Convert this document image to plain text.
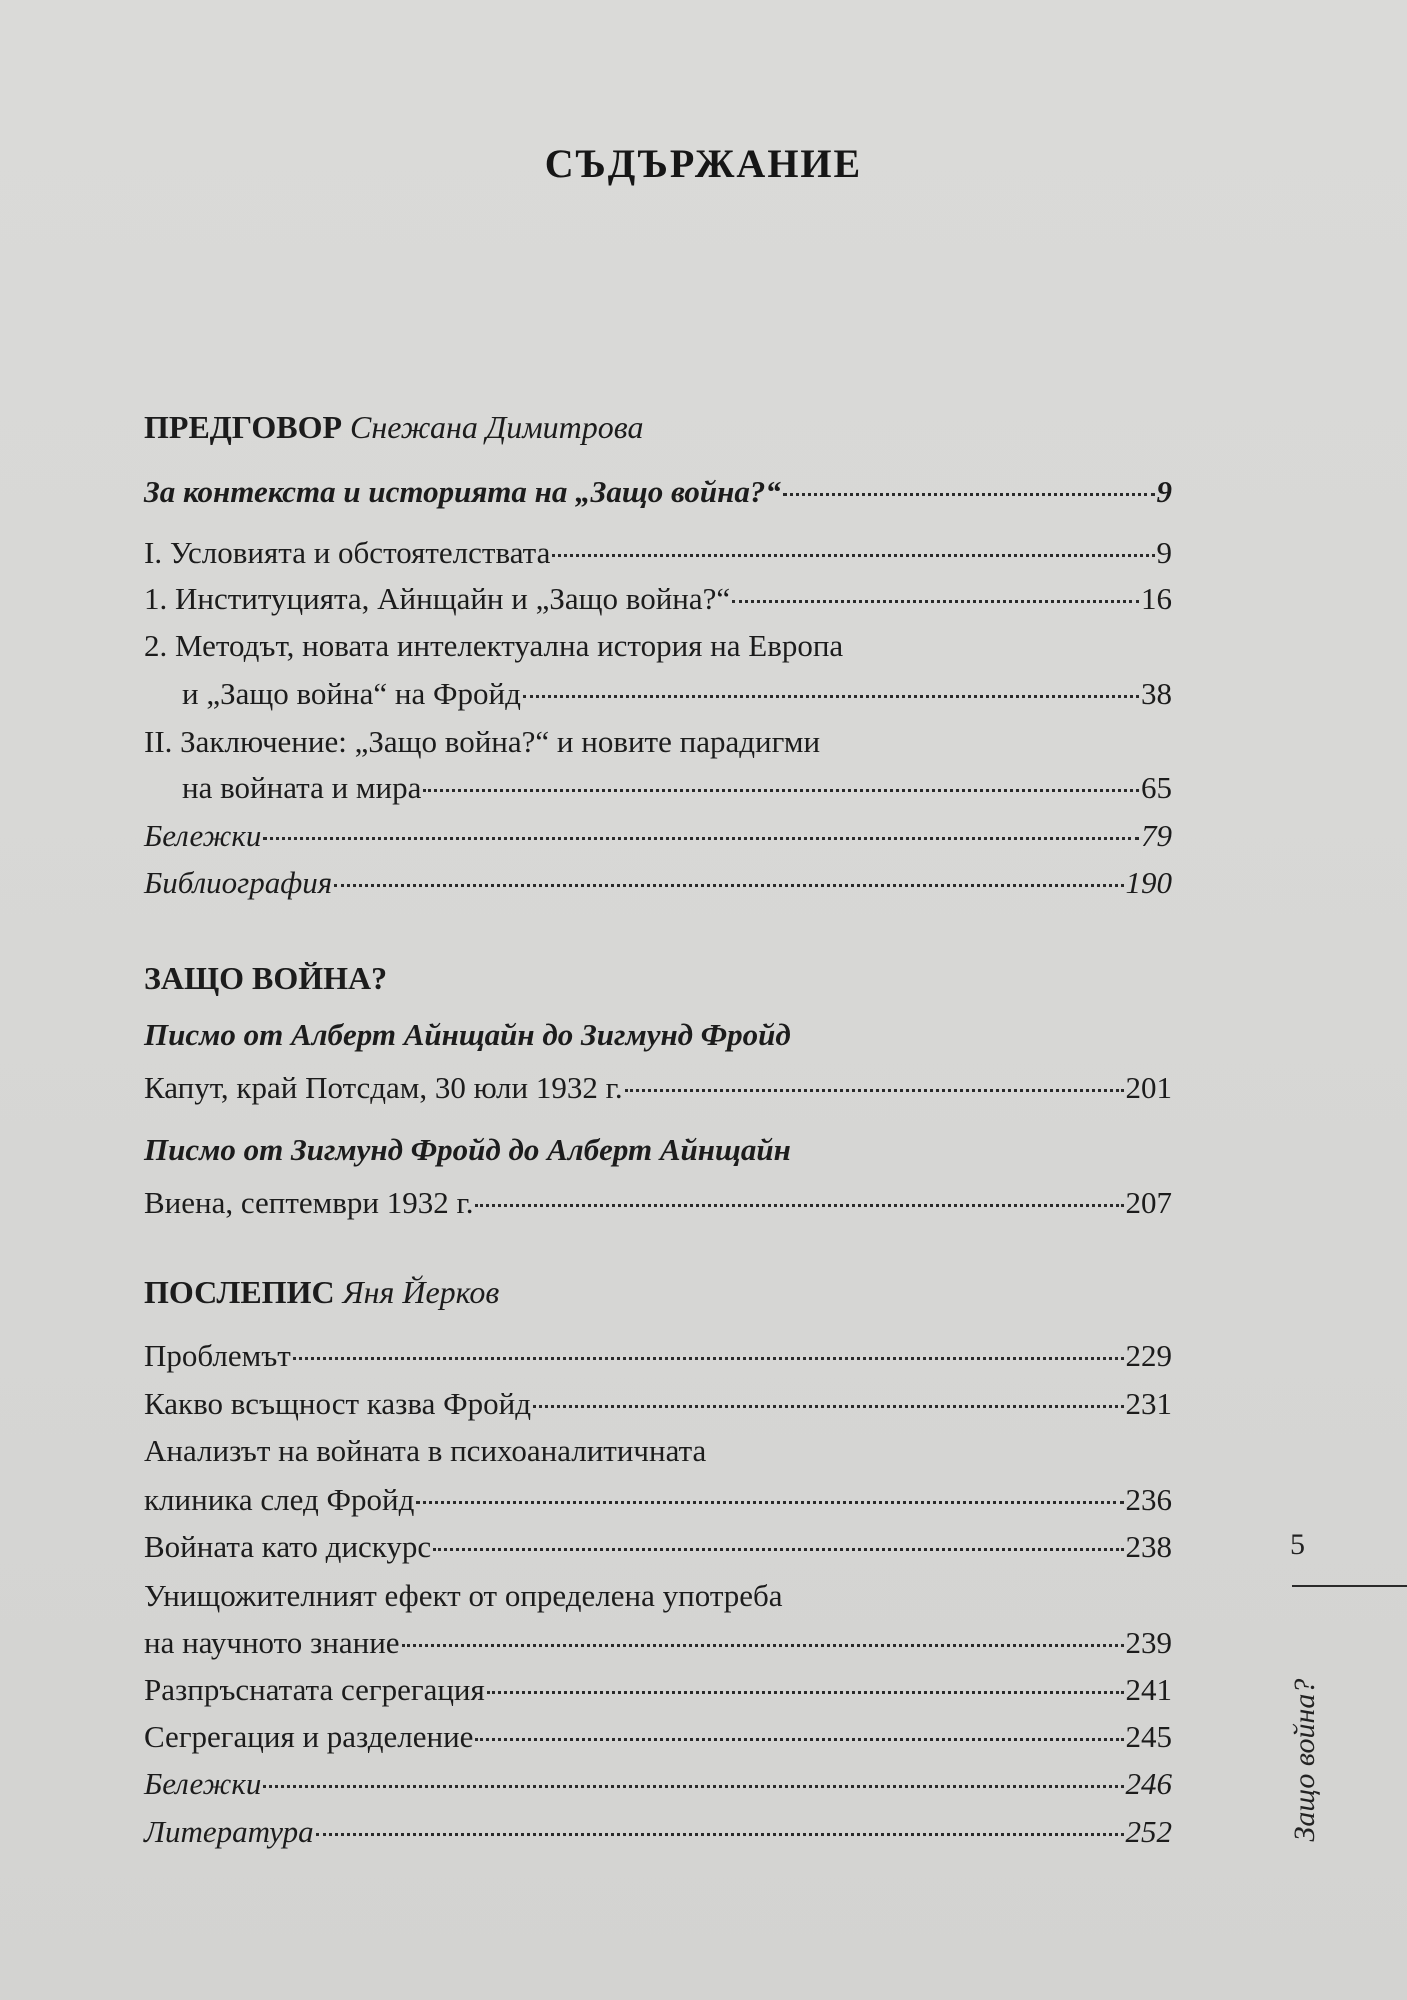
СЪДЪРЖАНИЕ
ПРЕДГОВОР
Снежана Димитрова
За контекста и историята на „Защо война?“	9
I. Условията и обстоятелствата	9
1. Институцията, Айнщайн и „Защо война?“	16
2. Методът, новата интелектуална история на Европа
и „Защо война“ на Фройд	38
II. Заключение: „Защо война?“ и новите парадигми
на войната и мира	65
Бележки	79
Библиография	190
ЗАЩО ВОЙНА?
Писмо от Алберт Айнщайн до Зигмунд Фройд
Капут, край Потсдам, 30 юли 1932 г.	201
Писмо от Зигмунд Фройд до Алберт Айнщайн
Виена, септември 1932 г.	207
ПОСЛЕПИС
Яня Йерков
Проблемът	229
Какво всъщност казва Фройд	231
Анализът на войната в психоаналитичната
клиника след Фройд	236
Войната като дискурс	238
Унищожителният ефект от определена употреба
на научното знание	239
Разпръснатата сегрегация	241
Сегрегация и разделение	245
Бележки	246
Литература	252
5
Защо война?
